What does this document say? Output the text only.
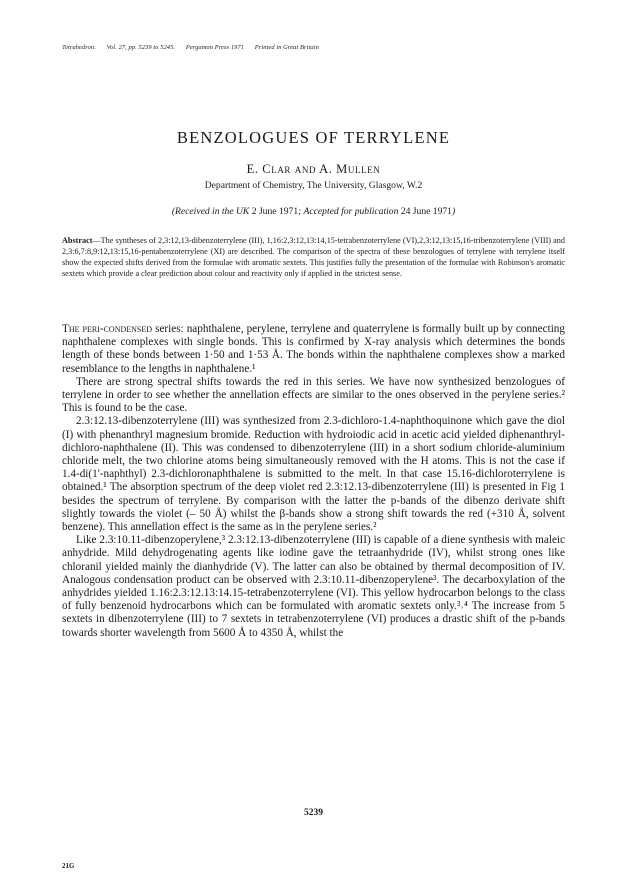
Tetrahedron. Vol. 27, pp. 5239 to 5245. Pergamon Press 1971 Printed in Great Britain
BENZOLOGUES OF TERRYLENE
E. Clar and A. Mullen
Department of Chemistry, The University, Glasgow, W.2
(Received in the UK 2 June 1971; Accepted for publication 24 June 1971)

Abstract—The syntheses of 2,3:12,13-dibenzoterrylene (III), 1,16:2,3:12,13:14,15-tetrabenzoterrylene (VI),2,3:12,13:15,16-tribenzoterrylene (VIII) and 2,3:6,7:8,9:12,13:15,16-pentabenzoterrylene (XI) are described. The comparison of the spectra of these benzologues of terrylene with terrylene itself show the expected shifts derived from the formulae with aromatic sextets. This justifies fully the presentation of the formulae with Robinson's aromatic sextets which provide a clear prediction about colour and reactivity only if applied in the strictest sense.

The peri-condensed series: naphthalene, perylene, terrylene and quaterrylene is formally built up by connecting naphthalene complexes with single bonds. This is confirmed by X-ray analysis which determines the bonds length of these bonds between 1·50 and 1·53 Å. The bonds within the naphthalene complexes show a marked resemblance to the lengths in naphthalene.¹

There are strong spectral shifts towards the red in this series. We have now synthesized benzologues of terrylene in order to see whether the annellation effects are similar to the ones observed in the perylene series.² This is found to be the case.

2.3:12.13-dibenzoterrylene (III) was synthesized from 2.3-dichloro-1.4-naphthoquinone which gave the diol (I) with phenanthryl magnesium bromide. Reduction with hydroiodic acid in acetic acid yielded diphenanthryl-dichloro-naphthalene (II). This was condensed to dibenzoterrylene (III) in a short sodium chloride-aluminium chloride melt, the two chlorine atoms being simultaneously removed with the H atoms. This is not the case if 1.4-di(1'-naphthyl) 2.3-dichloronaphthalene is submitted to the melt. In that case 15.16-dichloroterrylene is obtained.¹ The absorption spectrum of the deep violet red 2.3:12.13-dibenzoterrylene (III) is presented in Fig 1 besides the spectrum of terrylene. By comparison with the latter the p-bands of the dibenzo derivate shift slightly towards the violet (– 50 Å) whilst the β-bands show a strong shift towards the red (+310 Å, solvent benzene). This annellation effect is the same as in the perylene series.²

Like 2.3:10.11-dibenzoperylene,³ 2.3:12.13-dibenzoterrylene (III) is capable of a diene synthesis with maleic anhydride. Mild dehydrogenating agents like iodine gave the tetraanhydride (IV), whilst strong ones like chloranil yielded mainly the dianhydride (V). The latter can also be obtained by thermal decomposition of IV. Analogous condensation product can be observed with 2.3:10.11-dibenzoperylene³. The decarboxylation of the anhydrides yielded 1.16:2.3:12.13:14.15-tetrabenzoterrylene (VI). This yellow hydrocarbon belongs to the class of fully benzenoid hydrocarbons which can be formulated with aromatic sextets only.³˒⁴ The increase from 5 sextets in dibenzoterrylene (III) to 7 sextets in tetrabenzoterrylene (VI) produces a drastic shift of the p-bands towards shorter wavelength from 5600 Å to 4350 Å, whilst the

5239
21G
